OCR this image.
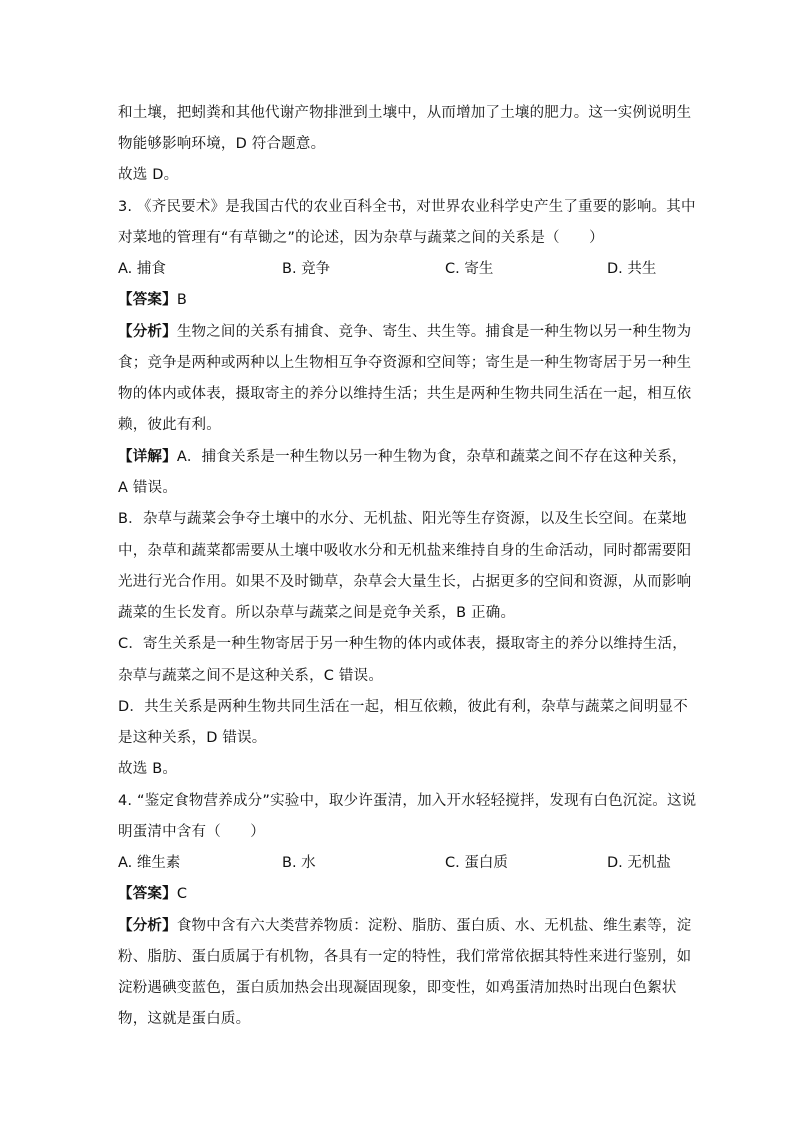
和土壤，把蚓粪和其他代谢产物排泄到土壤中，从而增加了土壤的肥力。这一实例说明生
物能够影响环境，D 符合题意。
故选 D。
3. 《齐民要术》是我国古代的农业百科全书，对世界农业科学史产生了重要的影响。其中
对菜地的管理有“有草锄之”的论述，因为杂草与蔬菜之间的关系是（　　）
A. 捕食	B. 竞争	C. 寄生	D. 共生
【答案】B
【分析】生物之间的关系有捕食、竞争、寄生、共生等。捕食是一种生物以另一种生物为
食；竞争是两种或两种以上生物相互争夺资源和空间等；寄生是一种生物寄居于另一种生
物的体内或体表，摄取寄主的养分以维持生活；共生是两种生物共同生活在一起，相互依
赖，彼此有利。
【详解】A．捕食关系是一种生物以另一种生物为食，杂草和蔬菜之间不存在这种关系，
A 错误。
B．杂草与蔬菜会争夺土壤中的水分、无机盐、阳光等生存资源，以及生长空间。在菜地
中，杂草和蔬菜都需要从土壤中吸收水分和无机盐来维持自身的生命活动，同时都需要阳
光进行光合作用。如果不及时锄草，杂草会大量生长，占据更多的空间和资源，从而影响
蔬菜的生长发育。所以杂草与蔬菜之间是竞争关系，B 正确。
C．寄生关系是一种生物寄居于另一种生物的体内或体表，摄取寄主的养分以维持生活，
杂草与蔬菜之间不是这种关系，C 错误。
D．共生关系是两种生物共同生活在一起，相互依赖，彼此有利，杂草与蔬菜之间明显不
是这种关系，D 错误。
故选 B。
4. “鉴定食物营养成分”实验中，取少许蛋清，加入开水轻轻搅拌，发现有白色沉淀。这说
明蛋清中含有（　　）
A. 维生素	B. 水	C. 蛋白质	D. 无机盐
【答案】C
【分析】食物中含有六大类营养物质：淀粉、脂肪、蛋白质、水、无机盐、维生素等，淀
粉、脂肪、蛋白质属于有机物，各具有一定的特性，我们常常依据其特性来进行鉴别，如
淀粉遇碘变蓝色，蛋白质加热会出现凝固现象，即变性，如鸡蛋清加热时出现白色絮状
物，这就是蛋白质。
